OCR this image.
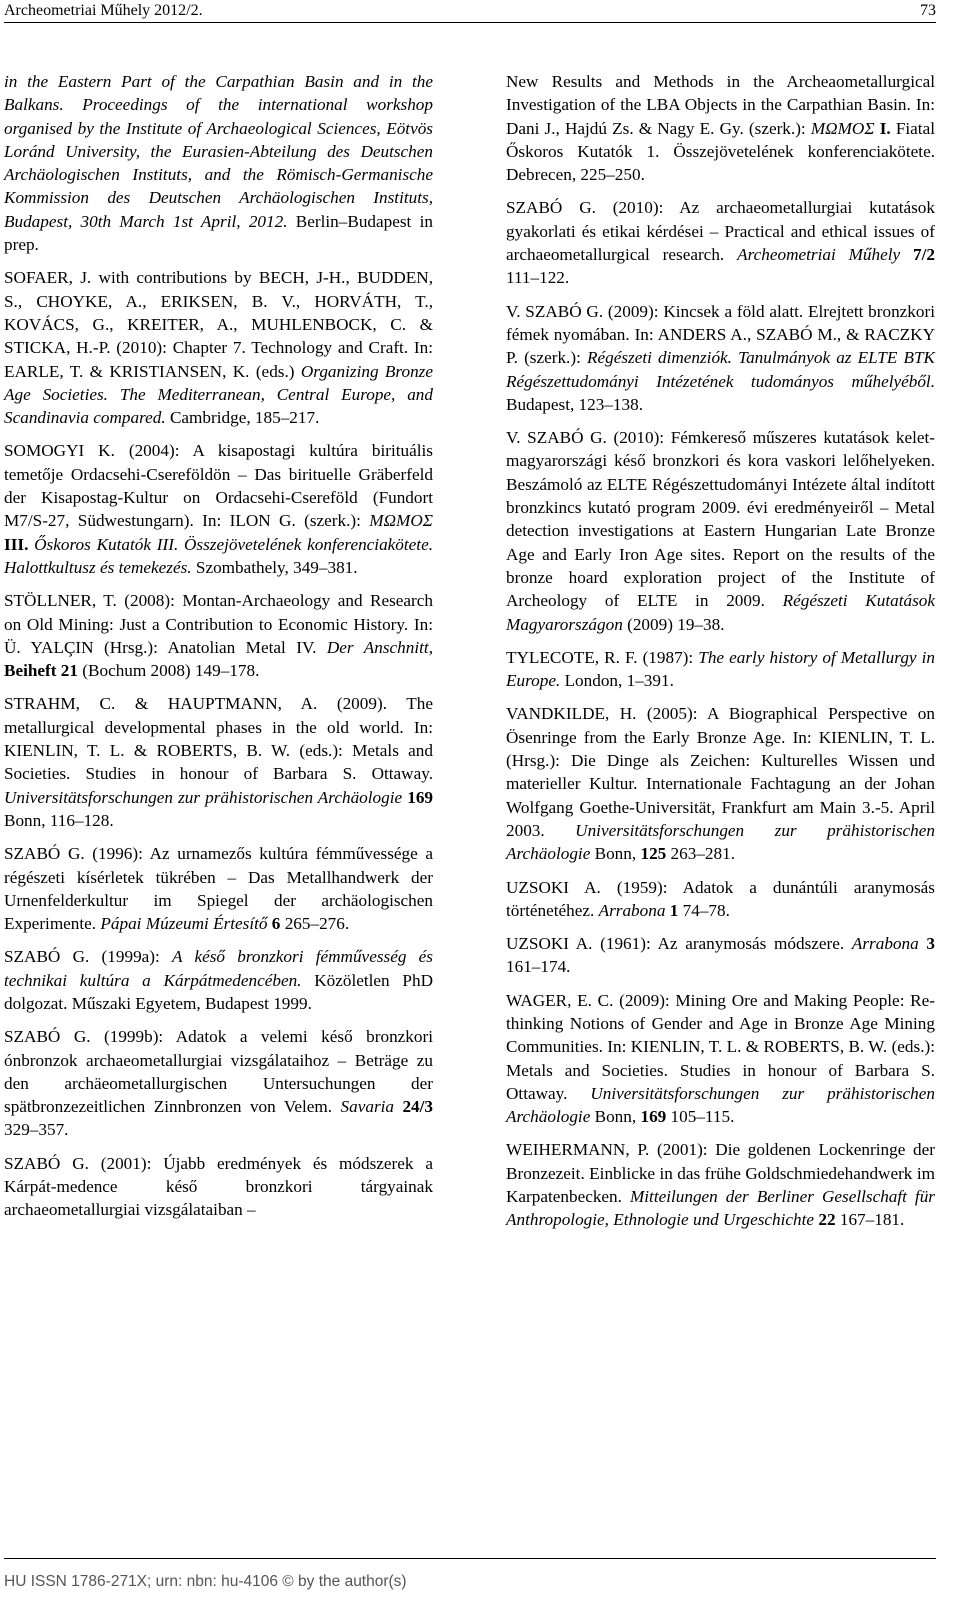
Archeometriai Műhely 2012/2.	73

in the Eastern Part of the Carpathian Basin and in the Balkans. Proceedings of the international workshop organised by the Institute of Archaeological Sciences, Eötvös Loránd University, the Eurasien-Abteilung des Deutschen Archäologischen Instituts, and the Römisch-Germanische Kommission des Deutschen Archäologischen Instituts, Budapest, 30th March 1st April, 2012. Berlin–Budapest in prep.

SOFAER, J. with contributions by BECH, J-H., BUDDEN, S., CHOYKE, A., ERIKSEN, B. V., HORVÁTH, T., KOVÁCS, G., KREITER, A., MUHLENBOCK, C. & STICKA, H.-P. (2010): Chapter 7. Technology and Craft. In: EARLE, T. & KRISTIANSEN, K. (eds.) Organizing Bronze Age Societies. The Mediterranean, Central Europe, and Scandinavia compared. Cambridge, 185–217.

SOMOGYI K. (2004): A kisapostagi kultúra birituális temetője Ordacsehi-Csereföldön – Das birituelle Gräberfeld der Kisapostag-Kultur on Ordacsehi-Csereföld (Fundort M7/S-27, Südwestungarn). In: ILON G. (szerk.): ΜΩΜΟΣ III. Őskoros Kutatók III. Összejövetelének konferenciakötete. Halottkultusz és temekezés. Szombathely, 349–381.

STÖLLNER, T. (2008): Montan-Archaeology and Research on Old Mining: Just a Contribution to Economic History. In: Ü. YALÇIN (Hrsg.): Anatolian Metal IV. Der Anschnitt, Beiheft 21 (Bochum 2008) 149–178.

STRAHM, C. & HAUPTMANN, A. (2009). The metallurgical developmental phases in the old world. In: KIENLIN, T. L. & ROBERTS, B. W. (eds.): Metals and Societies. Studies in honour of Barbara S. Ottaway. Universitätsforschungen zur prähistorischen Archäologie 169 Bonn, 116–128.

SZABÓ G. (1996): Az urnamezős kultúra fémművessége a régészeti kísérletek tükrében – Das Metallhandwerk der Urnenfelderkultur im Spiegel der archäologischen Experimente. Pápai Múzeumi Értesítő 6 265–276.

SZABÓ G. (1999a): A késő bronzkori fémművesség és technikai kultúra a Kárpátmedencében. Közöletlen PhD dolgozat. Műszaki Egyetem, Budapest 1999.

SZABÓ G. (1999b): Adatok a velemi késő bronzkori ónbronzok archaeometallurgiai vizsgálataihoz – Beträge zu den archäeometallurgischen Untersuchungen der spätbronzezeitlichen Zinnbronzen von Velem. Savaria 24/3 329–357.

SZABÓ G. (2001): Újabb eredmények és módszerek a Kárpát-medence késő bronzkori tárgyainak archaeometallurgiai vizsgálataiban –

New Results and Methods in the Archeaometallurgical Investigation of the LBA Objects in the Carpathian Basin. In: Dani J., Hajdú Zs. & Nagy E. Gy. (szerk.): ΜΩΜΟΣ I. Fiatal Őskoros Kutatók 1. Összejövetelének konferenciakötete. Debrecen, 225–250.

SZABÓ G. (2010): Az archaeometallurgiai kutatások gyakorlati és etikai kérdései – Practical and ethical issues of archaeometallurgical research. Archeometriai Műhely 7/2 111–122.

V. SZABÓ G. (2009): Kincsek a föld alatt. Elrejtett bronzkori fémek nyomában. In: ANDERS A., SZABÓ M., & RACZKY P. (szerk.): Régészeti dimenziók. Tanulmányok az ELTE BTK Régészettudományi Intézetének tudományos műhelyéből. Budapest, 123–138.

V. SZABÓ G. (2010): Fémkereső műszeres kutatások kelet-magyarországi késő bronzkori és kora vaskori lelőhelyeken. Beszámoló az ELTE Régészettudományi Intézete által indított bronzkincs kutató program 2009. évi eredményeiről – Metal detection investigations at Eastern Hungarian Late Bronze Age and Early Iron Age sites. Report on the results of the bronze hoard exploration project of the Institute of Archeology of ELTE in 2009. Régészeti Kutatások Magyarországon (2009) 19–38.

TYLECOTE, R. F. (1987): The early history of Metallurgy in Europe. London, 1–391.

VANDKILDE, H. (2005): A Biographical Perspective on Ösenringe from the Early Bronze Age. In: KIENLIN, T. L. (Hrsg.): Die Dinge als Zeichen: Kulturelles Wissen und materieller Kultur. Internationale Fachtagung an der Johan Wolfgang Goethe-Universität, Frankfurt am Main 3.-5. April 2003. Universitätsforschungen zur prähistorischen Archäologie Bonn, 125 263–281.

UZSOKI A. (1959): Adatok a dunántúli aranymosás történetéhez. Arrabona 1 74–78.

UZSOKI A. (1961): Az aranymosás módszere. Arrabona 3 161–174.

WAGER, E. C. (2009): Mining Ore and Making People: Re-thinking Notions of Gender and Age in Bronze Age Mining Communities. In: KIENLIN, T. L. & ROBERTS, B. W. (eds.): Metals and Societies. Studies in honour of Barbara S. Ottaway. Universitätsforschungen zur prähistorischen Archäologie Bonn, 169 105–115.

WEIHERMANN, P. (2001): Die goldenen Lockenringe der Bronzezeit. Einblicke in das frühe Goldschmiedehandwerk im Karpatenbecken. Mitteilungen der Berliner Gesellschaft für Anthropologie, Ethnologie und Urgeschichte 22 167–181.

HU ISSN 1786-271X; urn: nbn: hu-4106 © by the author(s)
